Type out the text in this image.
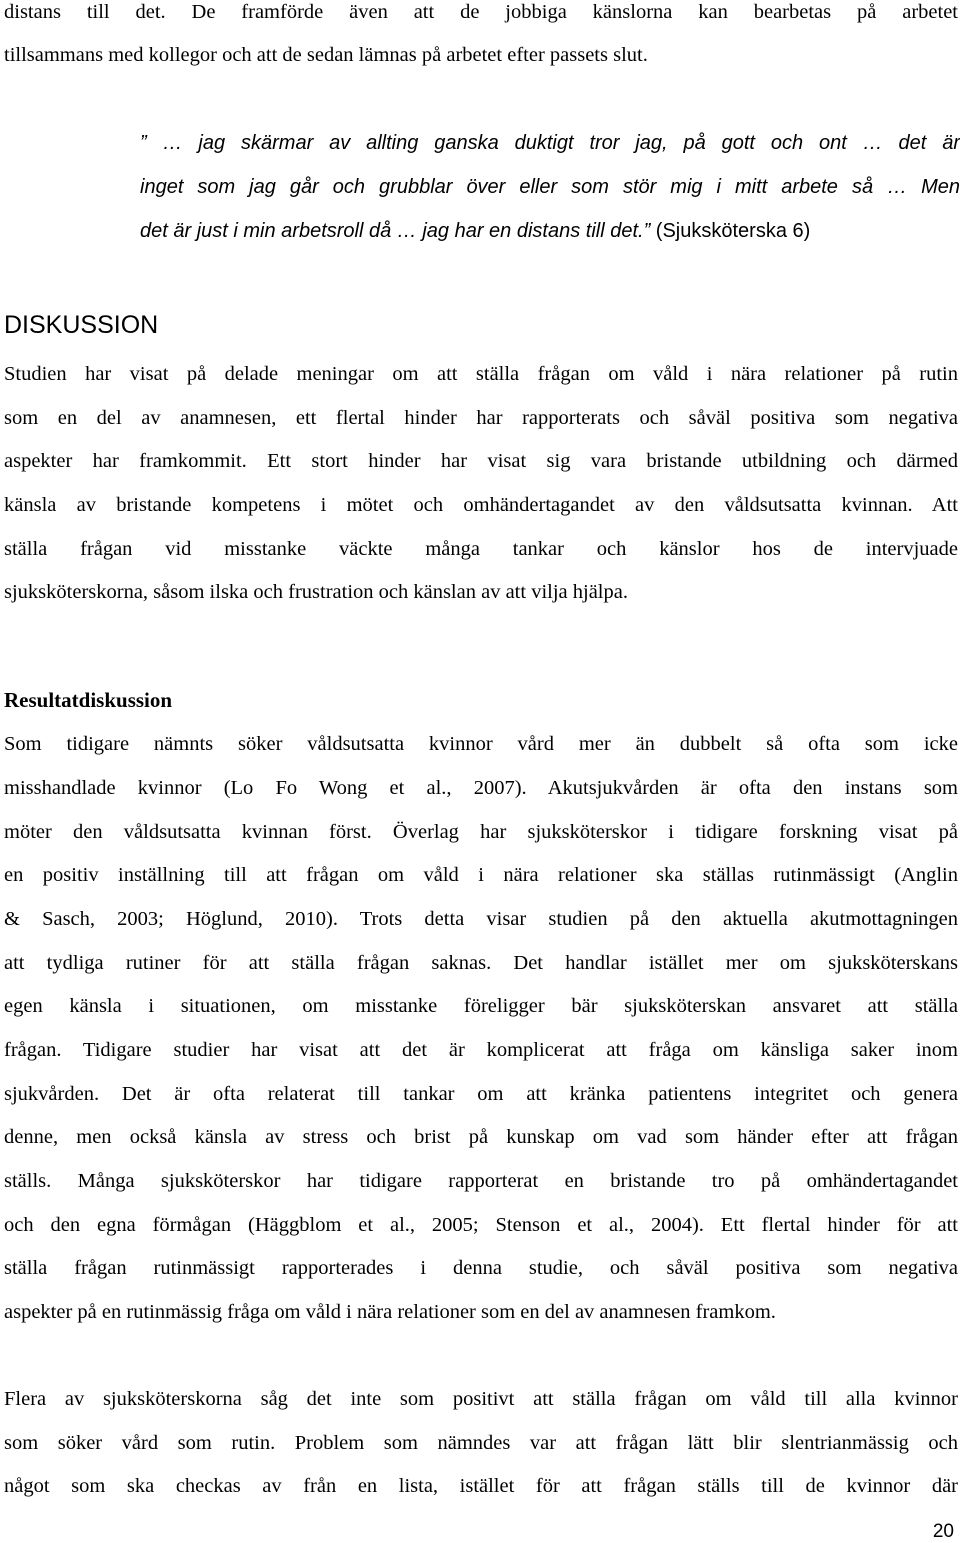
distans till det. De framförde även att de jobbiga känslorna kan bearbetas på arbetet
tillsammans med kollegor och att de sedan lämnas på arbetet efter passets slut.
” … jag skärmar av allting ganska duktigt tror jag, på gott och ont … det är
inget som jag går och grubblar över eller som stör mig i mitt arbete så … Men
det är just i min arbetsroll då … jag har en distans till det.” (Sjuksköterska 6)
DISKUSSION
Studien har visat på delade meningar om att ställa frågan om våld i nära relationer på rutin
som en del av anamnesen, ett flertal hinder har rapporterats och såväl positiva som negativa
aspekter har framkommit. Ett stort hinder har visat sig vara bristande utbildning och därmed
känsla av bristande kompetens i mötet och omhändertagandet av den våldsutsatta kvinnan. Att
ställa frågan vid misstanke väckte många tankar och känslor hos de intervjuade
sjuksköterskorna, såsom ilska och frustration och känslan av att vilja hjälpa.
Resultatdiskussion
Som tidigare nämnts söker våldsutsatta kvinnor vård mer än dubbelt så ofta som icke
misshandlade kvinnor (Lo Fo Wong et al., 2007). Akutsjukvården är ofta den instans som
möter den våldsutsatta kvinnan först. Överlag har sjuksköterskor i tidigare forskning visat på
en positiv inställning till att frågan om våld i nära relationer ska ställas rutinmässigt (Anglin
& Sasch, 2003; Höglund, 2010). Trots detta visar studien på den aktuella akutmottagningen
att tydliga rutiner för att ställa frågan saknas. Det handlar istället mer om sjuksköterskans
egen känsla i situationen, om misstanke föreligger bär sjuksköterskan ansvaret att ställa
frågan. Tidigare studier har visat att det är komplicerat att fråga om känsliga saker inom
sjukvården. Det är ofta relaterat till tankar om att kränka patientens integritet och genera
denne, men också känsla av stress och brist på kunskap om vad som händer efter att frågan
ställs. Många sjuksköterskor har tidigare rapporterat en bristande tro på omhändertagandet
och den egna förmågan (Häggblom et al., 2005; Stenson et al., 2004). Ett flertal hinder för att
ställa frågan rutinmässigt rapporterades i denna studie, och såväl positiva som negativa
aspekter på en rutinmässig fråga om våld i nära relationer som en del av anamnesen framkom.
Flera av sjuksköterskorna såg det inte som positivt att ställa frågan om våld till alla kvinnor
som söker vård som rutin. Problem som nämndes var att frågan lätt blir slentrianmässig och
något som ska checkas av från en lista, istället för att frågan ställs till de kvinnor där
20
